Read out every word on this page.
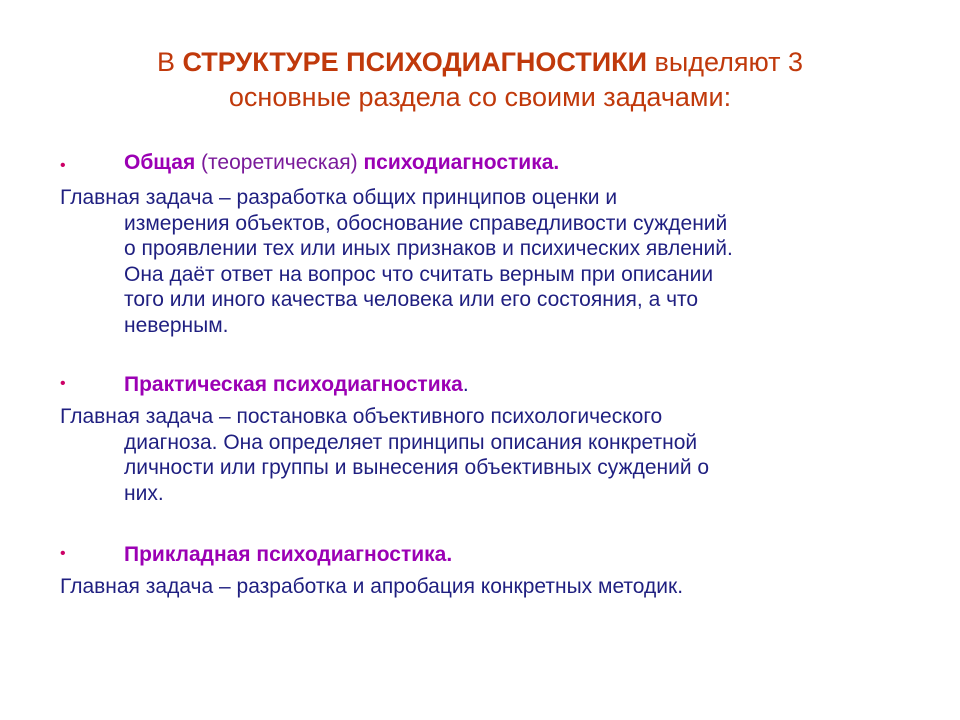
В СТРУКТУРЕ ПСИХОДИАГНОСТИКИ выделяют 3
основные раздела со своими задачами:
•	Общая (теоретическая) психодиагностика.
Главная задача – разработка общих принципов оценки и
измерения объектов, обоснование справедливости суждений
о проявлении тех или иных признаков и психических явлений.
Она даёт ответ на вопрос что считать верным при описании
того или иного качества человека или его состояния, а что
неверным.
•	Практическая психодиагностика.
Главная задача – постановка объективного психологического
диагноза. Она определяет принципы описания конкретной
личности или группы и вынесения объективных суждений о
них.
•	Прикладная психодиагностика.
Главная задача – разработка и апробация конкретных методик.
